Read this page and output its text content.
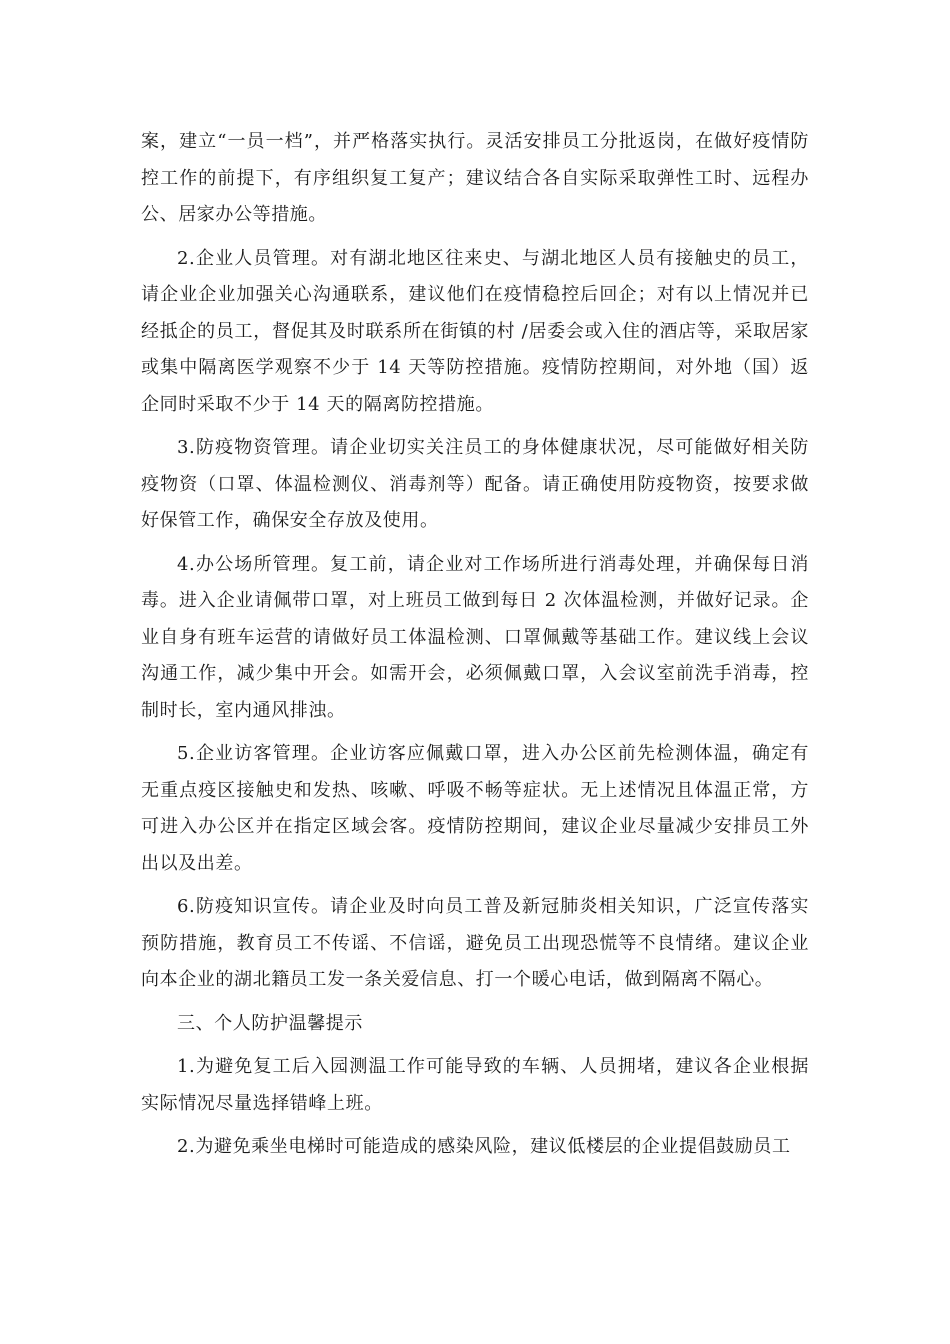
案，建立“一员一档”，并严格落实执行。灵活安排员工分批返岗，在做好疫情防控工作的前提下，有序组织复工复产；建议结合各自实际采取弹性工时、远程办公、居家办公等措施。

2.企业人员管理。对有湖北地区往来史、与湖北地区人员有接触史的员工，请企业企业加强关心沟通联系，建议他们在疫情稳控后回企；对有以上情况并已经抵企的员工，督促其及时联系所在街镇的村 /居委会或入住的酒店等，采取居家或集中隔离医学观察不少于 14 天等防控措施。疫情防控期间，对外地（国）返企同时采取不少于 14 天的隔离防控措施。

3.防疫物资管理。请企业切实关注员工的身体健康状况，尽可能做好相关防疫物资（口罩、体温检测仪、消毒剂等）配备。请正确使用防疫物资，按要求做好保管工作，确保安全存放及使用。

4.办公场所管理。复工前，请企业对工作场所进行消毒处理，并确保每日消毒。进入企业请佩带口罩，对上班员工做到每日 2 次体温检测，并做好记录。企业自身有班车运营的请做好员工体温检测、口罩佩戴等基础工作。建议线上会议沟通工作，减少集中开会。如需开会，必须佩戴口罩，入会议室前洗手消毒，控制时长，室内通风排浊。

5.企业访客管理。企业访客应佩戴口罩，进入办公区前先检测体温，确定有无重点疫区接触史和发热、咳嗽、呼吸不畅等症状。无上述情况且体温正常，方可进入办公区并在指定区域会客。疫情防控期间，建议企业尽量减少安排员工外出以及出差。

6.防疫知识宣传。请企业及时向员工普及新冠肺炎相关知识，广泛宣传落实预防措施，教育员工不传谣、不信谣，避免员工出现恐慌等不良情绪。建议企业向本企业的湖北籍员工发一条关爱信息、打一个暖心电话，做到隔离不隔心。

三、个人防护温馨提示

1.为避免复工后入园测温工作可能导致的车辆、人员拥堵，建议各企业根据实际情况尽量选择错峰上班。

2.为避免乘坐电梯时可能造成的感染风险，建议低楼层的企业提倡鼓励员工
